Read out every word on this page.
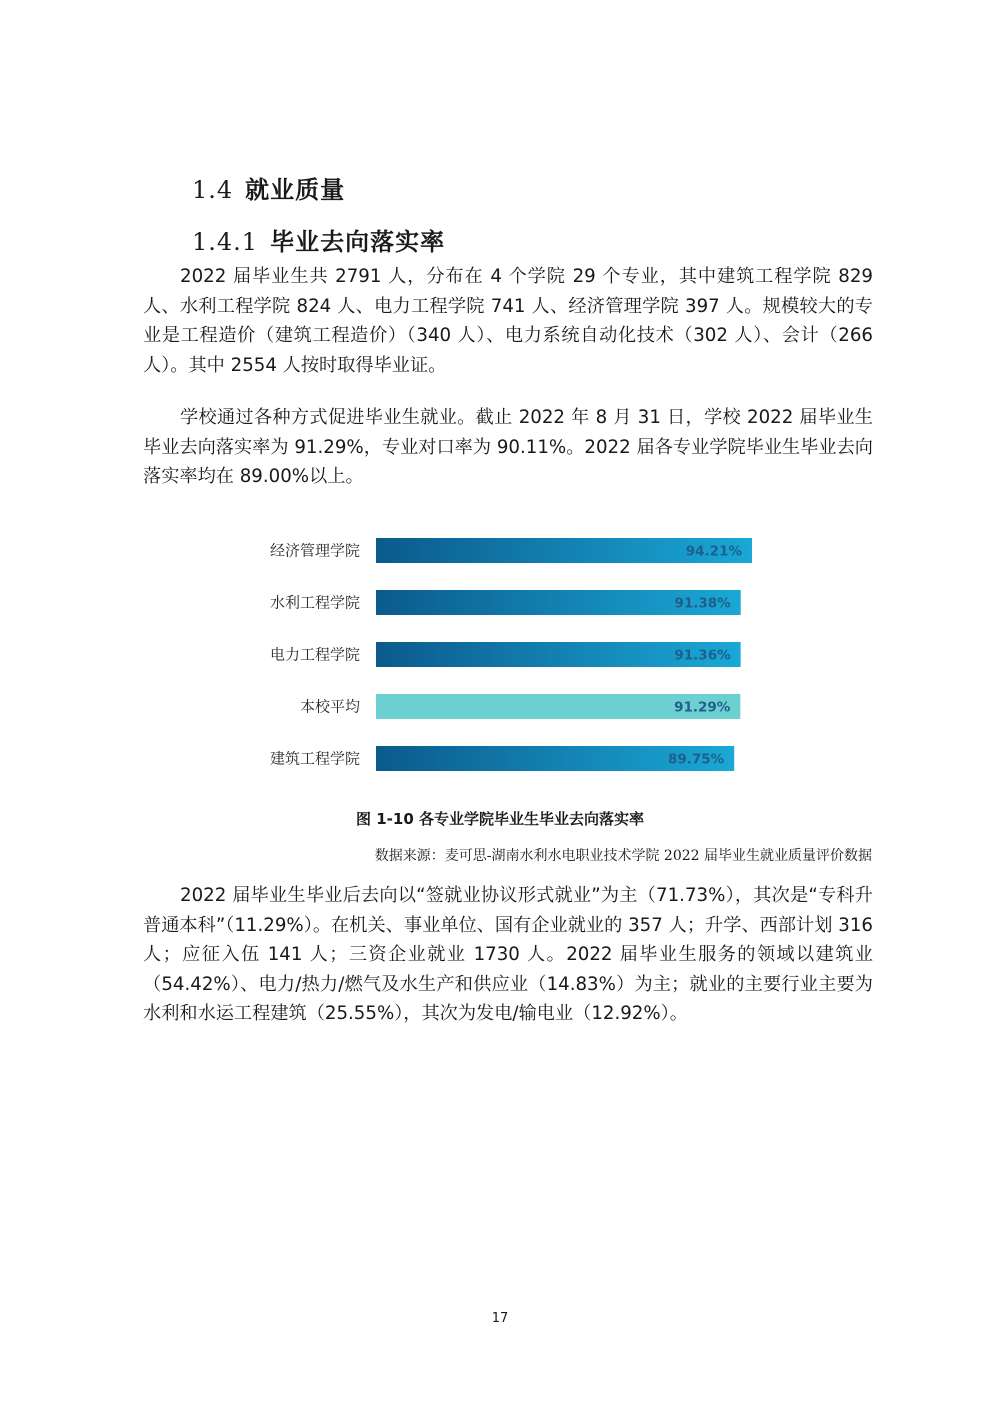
1.4 就业质量
1.4.1 毕业去向落实率

2022 届毕业生共 2791 人，分布在 4 个学院 29 个专业，其中建筑工程学院 829 人、水利工程学院 824 人、电力工程学院 741 人、经济管理学院 397 人。规模较大的专业是工程造价（建筑工程造价）（340 人）、电力系统自动化技术（302 人）、会计（266 人）。其中 2554 人按时取得毕业证。

学校通过各种方式促进毕业生就业。截止 2022 年 8 月 31 日，学校 2022 届毕业生毕业去向落实率为 91.29%，专业对口率为 90.11%。2022 届各专业学院毕业生毕业去向落实率均在 89.00%以上。

经济管理学院	94.21%
水利工程学院	91.38%
电力工程学院	91.36%
本校平均	91.29%
建筑工程学院	89.75%
图 1-10 各专业学院毕业生毕业去向落实率
数据来源：麦可思-湖南水利水电职业技术学院 2022 届毕业生就业质量评价数据

2022 届毕业生毕业后去向以“签就业协议形式就业”为主（71.73%），其次是“专科升普通本科”（11.29%）。在机关、事业单位、国有企业就业的 357 人；升学、西部计划 316 人；应征入伍 141 人；三资企业就业 1730 人。2022 届毕业生服务的领域以建筑业（54.42%）、电力/热力/燃气及水生产和供应业（14.83%）为主；就业的主要行业主要为水利和水运工程建筑（25.55%），其次为发电/输电业（12.92%）。

17
